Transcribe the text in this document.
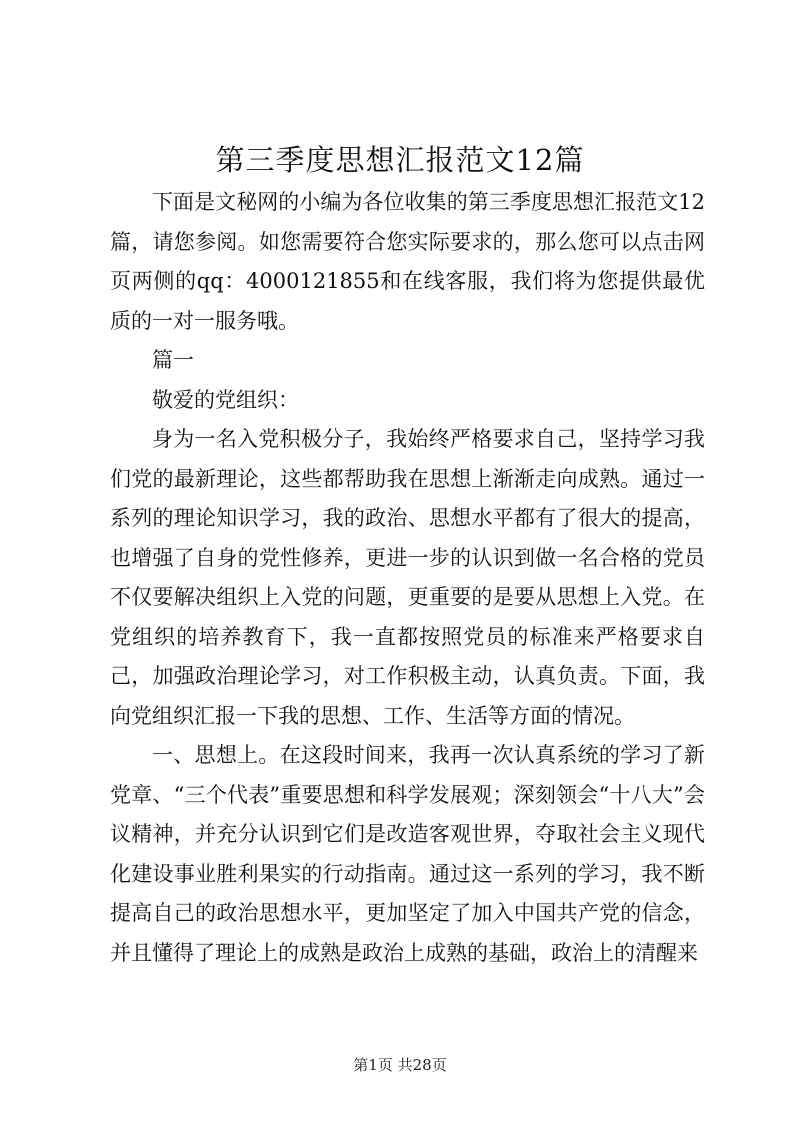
第三季度思想汇报范文12篇

下面是文秘网的小编为各位收集的第三季度思想汇报范文12篇，请您参阅。如您需要符合您实际要求的，那么您可以点击网页两侧的qq：4000121855和在线客服，我们将为您提供最优质的一对一服务哦。

篇一

敬爱的党组织：

身为一名入党积极分子，我始终严格要求自己，坚持学习我们党的最新理论，这些都帮助我在思想上渐渐走向成熟。通过一系列的理论知识学习，我的政治、思想水平都有了很大的提高，也增强了自身的党性修养，更进一步的认识到做一名合格的党员不仅要解决组织上入党的问题，更重要的是要从思想上入党。在党组织的培养教育下，我一直都按照党员的标准来严格要求自己，加强政治理论学习，对工作积极主动，认真负责。下面，我向党组织汇报一下我的思想、工作、生活等方面的情况。

一、思想上。在这段时间来，我再一次认真系统的学习了新党章、“三个代表”重要思想和科学发展观；深刻领会“十八大”会议精神，并充分认识到它们是改造客观世界，夺取社会主义现代化建设事业胜利果实的行动指南。通过这一系列的学习，我不断提高自己的政治思想水平，更加坚定了加入中国共产党的信念，并且懂得了理论上的成熟是政治上成熟的基础，政治上的清醒来

第1页 共28页
